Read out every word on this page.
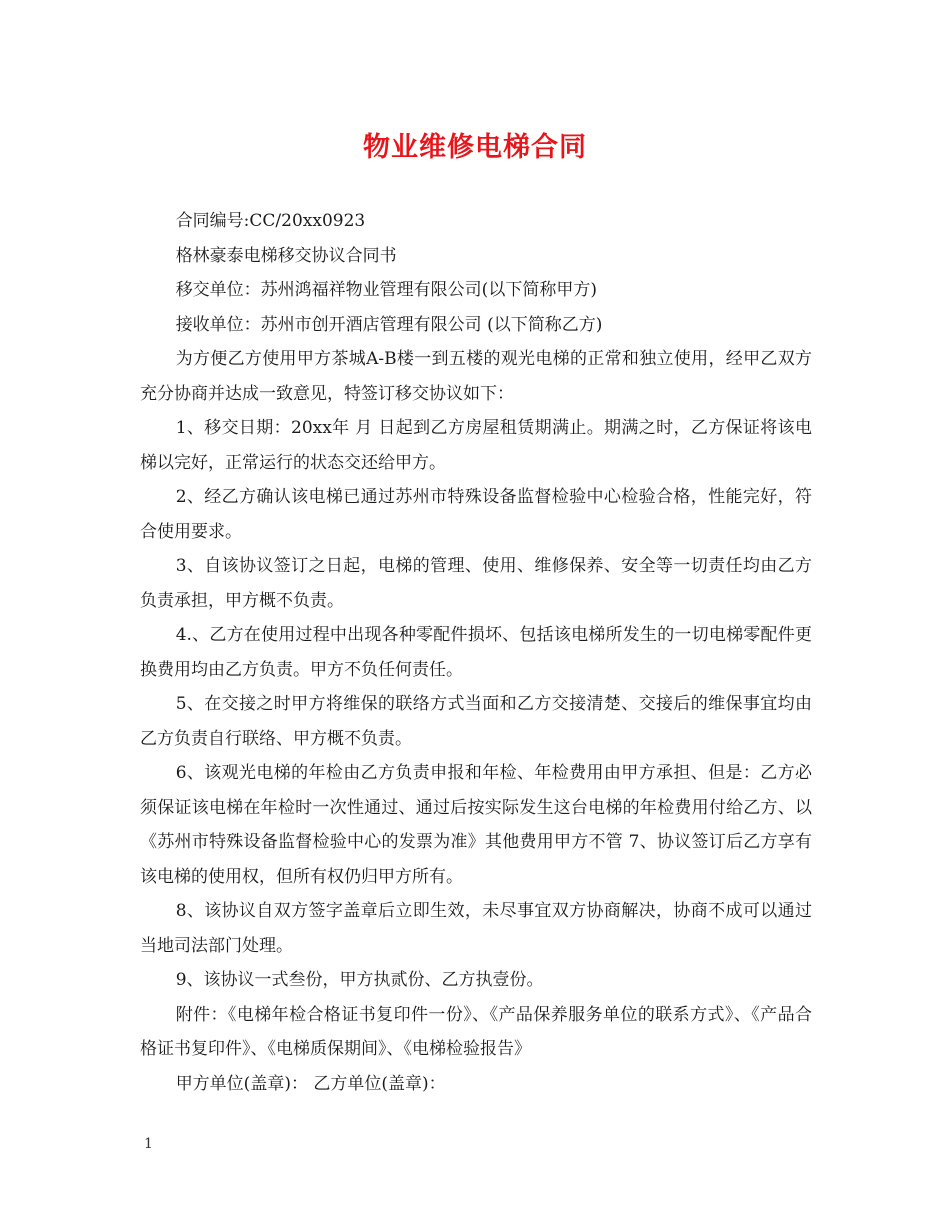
物业维修电梯合同

合同编号:CC/20xx0923

格林豪泰电梯移交协议合同书

移交单位：苏州鸿福祥物业管理有限公司(以下简称甲方)

接收单位：苏州市创开酒店管理有限公司 (以下简称乙方)

为方便乙方使用甲方茶城A-B楼一到五楼的观光电梯的正常和独立使用，经甲乙双方充分协商并达成一致意见，特签订移交协议如下：

1、移交日期：20xx年 月 日起到乙方房屋租赁期满止。期满之时，乙方保证将该电梯以完好，正常运行的状态交还给甲方。

2、经乙方确认该电梯已通过苏州市特殊设备监督检验中心检验合格，性能完好，符合使用要求。

3、自该协议签订之日起，电梯的管理、使用、维修保养、安全等一切责任均由乙方负责承担，甲方概不负责。

4.、乙方在使用过程中出现各种零配件损坏、包括该电梯所发生的一切电梯零配件更换费用均由乙方负责。甲方不负任何责任。

5、在交接之时甲方将维保的联络方式当面和乙方交接清楚、交接后的维保事宜均由乙方负责自行联络、甲方概不负责。

6、该观光电梯的年检由乙方负责申报和年检、年检费用由甲方承担、但是：乙方必须保证该电梯在年检时一次性通过、通过后按实际发生这台电梯的年检费用付给乙方、以《苏州市特殊设备监督检验中心的发票为准》其他费用甲方不管 7、协议签订后乙方享有该电梯的使用权，但所有权仍归甲方所有。

8、该协议自双方签字盖章后立即生效，未尽事宜双方协商解决，协商不成可以通过当地司法部门处理。

9、该协议一式叁份，甲方执贰份、乙方执壹份。

附件：《电梯年检合格证书复印件一份》、《产品保养服务单位的联系方式》、《产品合格证书复印件》、《电梯质保期间》、《电梯检验报告》

甲方单位(盖章)： 乙方单位(盖章)：

1
